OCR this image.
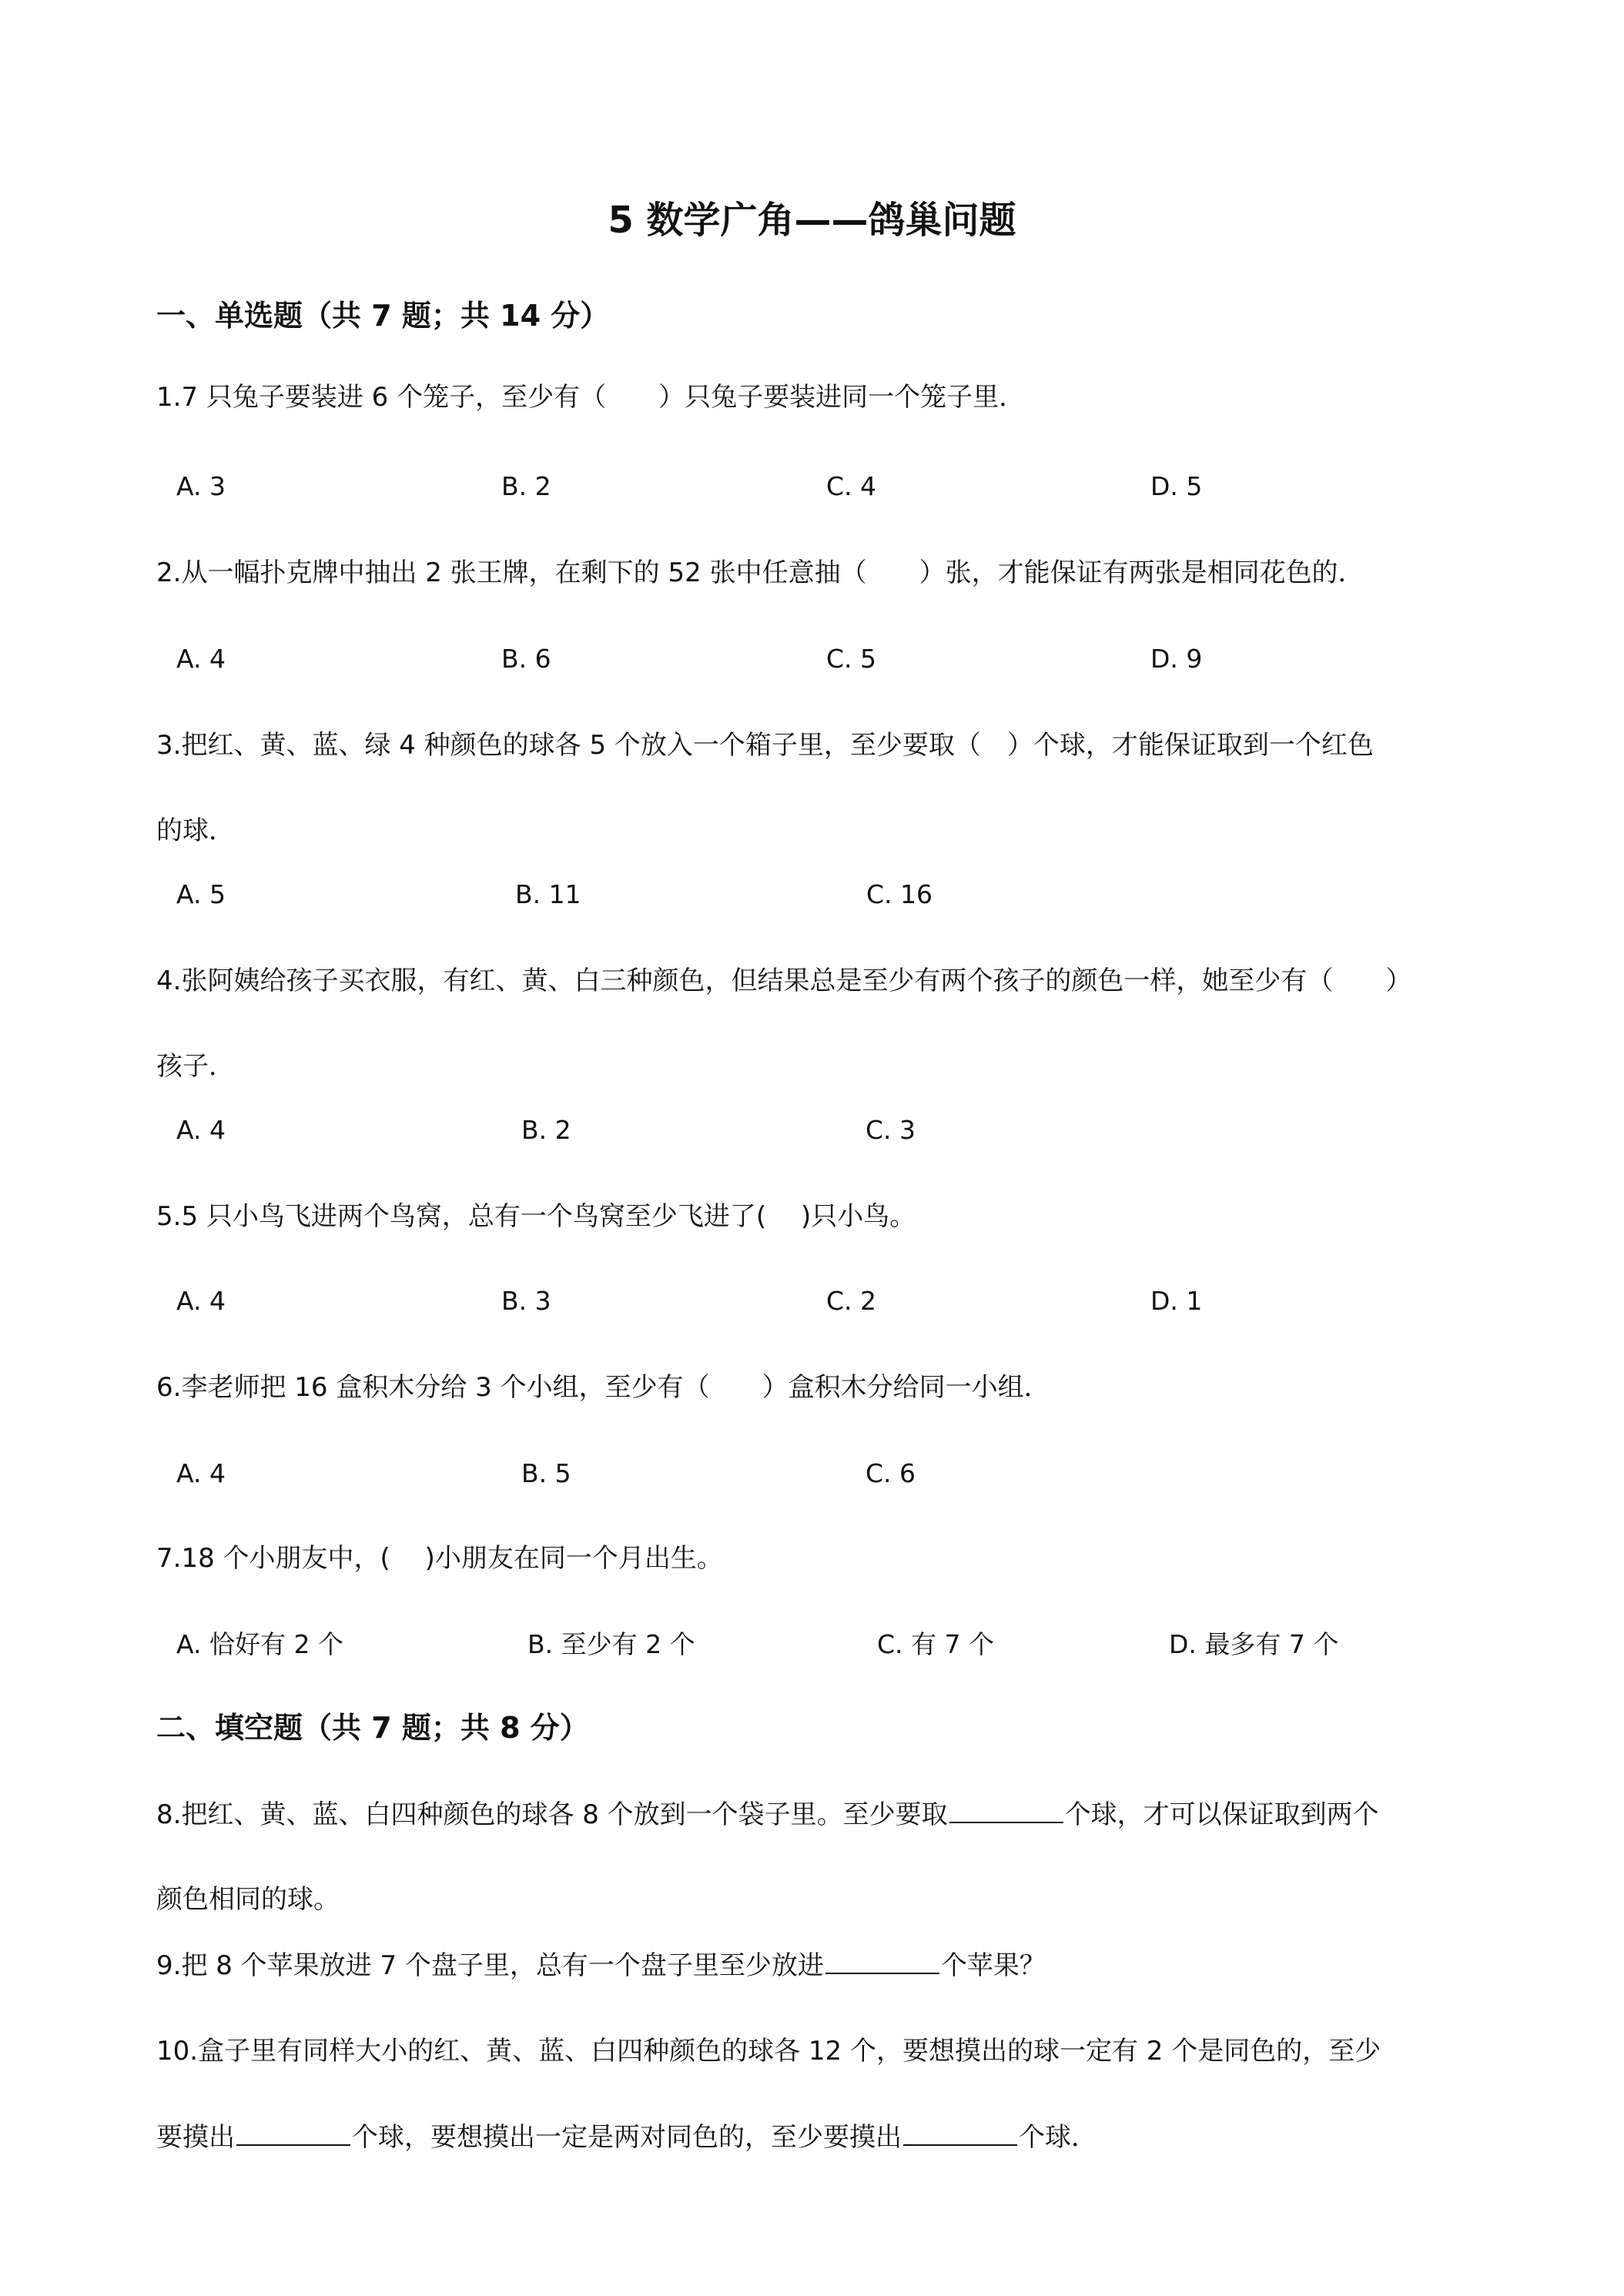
5 数学广角——鸽巢问题
一、单选题（共 7 题；共 14 分）
1.7 只兔子要装进 6 个笼子，至少有（　　）只兔子要装进同一个笼子里．
A. 3	B. 2	C. 4	D. 5
2.从一幅扑克牌中抽出 2 张王牌，在剩下的 52 张中任意抽（　　）张，才能保证有两张是相同花色的．
A. 4	B. 6	C. 5	D. 9
3.把红、黄、蓝、绿 4 种颜色的球各 5 个放入一个箱子里，至少要取（　）个球，才能保证取到一个红色
的球．
A. 5	B. 11	C. 16
4.张阿姨给孩子买衣服，有红、黄、白三种颜色，但结果总是至少有两个孩子的颜色一样，她至少有（　　）
孩子．
A. 4	B. 2	C. 3
5.5 只小鸟飞进两个鸟窝，总有一个鸟窝至少飞进了(　 )只小鸟。
A. 4	B. 3	C. 2	D. 1
6.李老师把 16 盒积木分给 3 个小组，至少有（　　）盒积木分给同一小组．
A. 4	B. 5	C. 6
7.18 个小朋友中，(　 )小朋友在同一个月出生。
A. 恰好有 2 个	B. 至少有 2 个	C. 有 7 个	D. 最多有 7 个
二、填空题（共 7 题；共 8 分）
8.把红、黄、蓝、白四种颜色的球各 8 个放到一个袋子里。至少要取	个球，才可以保证取到两个
颜色相同的球。
9.把 8 个苹果放进 7 个盘子里，总有一个盘子里至少放进	个苹果？
10.盒子里有同样大小的红、黄、蓝、白四种颜色的球各 12 个，要想摸出的球一定有 2 个是同色的，至少
要摸出	个球，要想摸出一定是两对同色的，至少要摸出	个球．
